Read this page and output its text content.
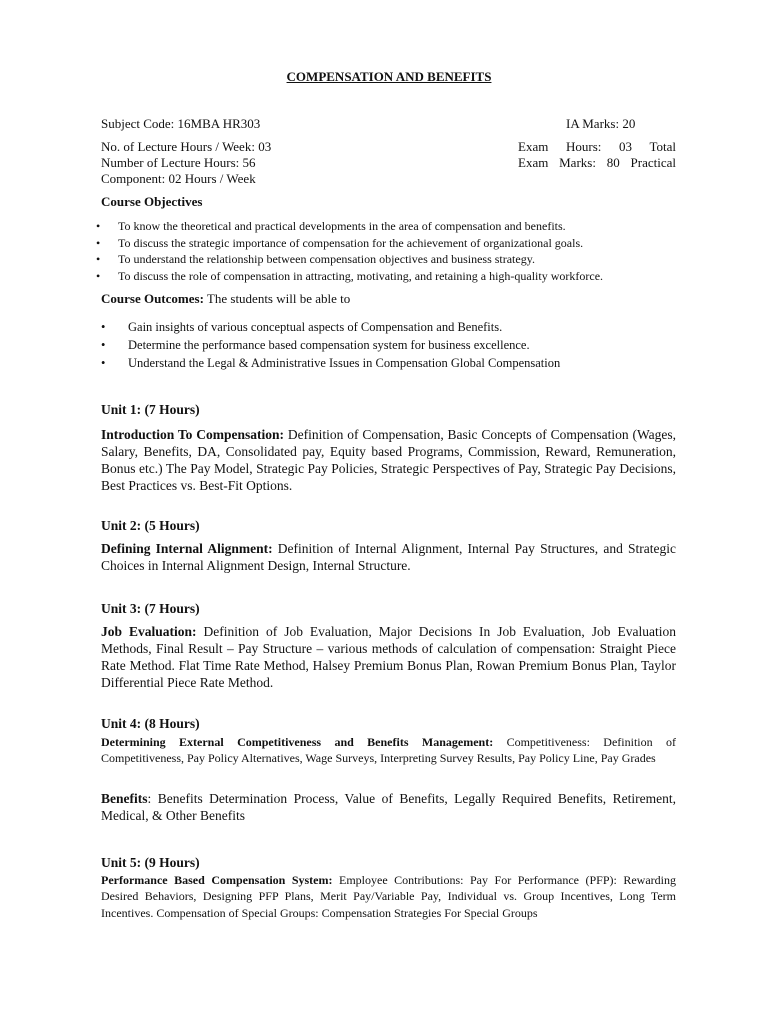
COMPENSATION AND BENEFITS
Subject Code: 16MBA HR303	IA Marks: 20
No. of Lecture Hours / Week: 03	Exam Hours: 03 Total
Number of Lecture Hours: 56	Exam Marks: 80 Practical
Component: 02 Hours / Week
Course Objectives
• To know the theoretical and practical developments in the area of compensation and benefits.
• To discuss the strategic importance of compensation for the achievement of organizational goals.
• To understand the relationship between compensation objectives and business strategy.
• To discuss the role of compensation in attracting, motivating, and retaining a high-quality workforce.
Course Outcomes: The students will be able to
• Gain insights of various conceptual aspects of Compensation and Benefits.
• Determine the performance based compensation system for business excellence.
• Understand the Legal & Administrative Issues in Compensation Global Compensation
Unit 1: (7 Hours)
Introduction To Compensation: Definition of Compensation, Basic Concepts of Compensation (Wages, Salary, Benefits, DA, Consolidated pay, Equity based Programs, Commission, Reward, Remuneration, Bonus etc.) The Pay Model, Strategic Pay Policies, Strategic Perspectives of Pay, Strategic Pay Decisions, Best Practices vs. Best-Fit Options.
Unit 2: (5 Hours)
Defining Internal Alignment: Definition of Internal Alignment, Internal Pay Structures, and Strategic Choices in Internal Alignment Design, Internal Structure.
Unit 3: (7 Hours)
Job Evaluation: Definition of Job Evaluation, Major Decisions In Job Evaluation, Job Evaluation Methods, Final Result – Pay Structure – various methods of calculation of compensation: Straight Piece Rate Method. Flat Time Rate Method, Halsey Premium Bonus Plan, Rowan Premium Bonus Plan, Taylor Differential Piece Rate Method.
Unit 4: (8 Hours)
Determining External Competitiveness and Benefits Management: Competitiveness: Definition of Competitiveness, Pay Policy Alternatives, Wage Surveys, Interpreting Survey Results, Pay Policy Line, Pay Grades
Benefits: Benefits Determination Process, Value of Benefits, Legally Required Benefits, Retirement, Medical, & Other Benefits
Unit 5: (9 Hours)
Performance Based Compensation System: Employee Contributions: Pay For Performance (PFP): Rewarding Desired Behaviors, Designing PFP Plans, Merit Pay/Variable Pay, Individual vs. Group Incentives, Long Term Incentives. Compensation of Special Groups: Compensation Strategies For Special Groups
